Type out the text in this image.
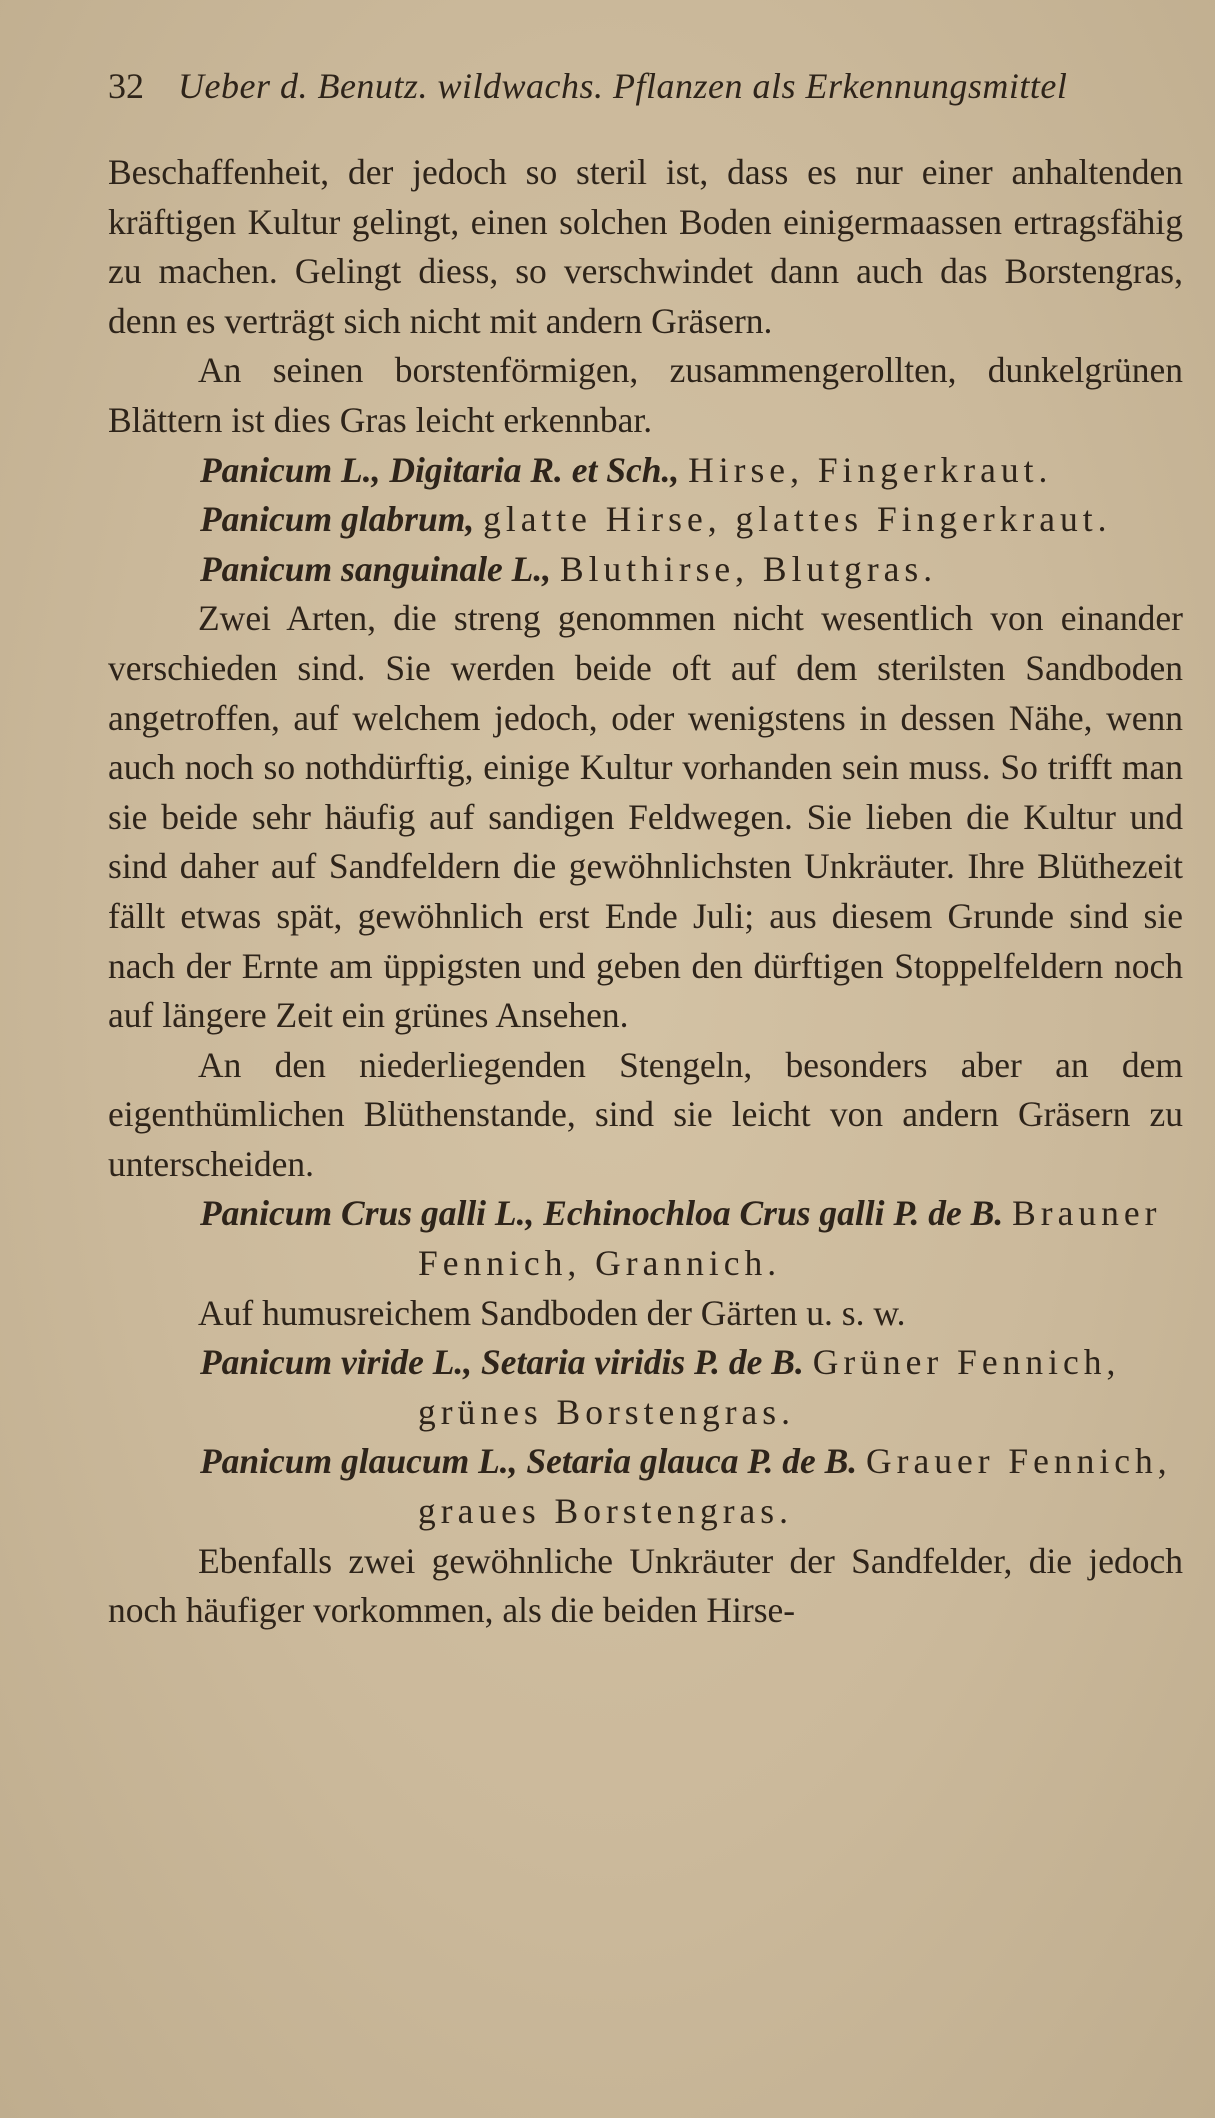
32 Ueber d. Benutz. wildwachs. Pflanzen als Erkennungsmittel

Beschaffenheit, der jedoch so steril ist, dass es nur einer anhaltenden kräftigen Kultur gelingt, einen solchen Boden einigermaassen ertragsfähig zu machen. Gelingt diess, so verschwindet dann auch das Borstengras, denn es verträgt sich nicht mit andern Gräsern.

An seinen borstenförmigen, zusammengerollten, dunkelgrünen Blättern ist dies Gras leicht erkennbar.

Panicum L., Digitaria R. et Sch., Hirse, Fingerkraut.

Panicum glabrum, glatte Hirse, glattes Fingerkraut.

Panicum sanguinale L., Bluthirse, Blutgras.

Zwei Arten, die streng genommen nicht wesentlich von einander verschieden sind. Sie werden beide oft auf dem sterilsten Sandboden angetroffen, auf welchem jedoch, oder wenigstens in dessen Nähe, wenn auch noch so nothdürftig, einige Kultur vorhanden sein muss. So trifft man sie beide sehr häufig auf sandigen Feldwegen. Sie lieben die Kultur und sind daher auf Sandfeldern die gewöhnlichsten Unkräuter. Ihre Blüthezeit fällt etwas spät, gewöhnlich erst Ende Juli; aus diesem Grunde sind sie nach der Ernte am üppigsten und geben den dürftigen Stoppelfeldern noch auf längere Zeit ein grünes Ansehen.

An den niederliegenden Stengeln, besonders aber an dem eigenthümlichen Blüthenstande, sind sie leicht von andern Gräsern zu unterscheiden.

Panicum Crus galli L., Echinochloa Crus galli P. de B. Brauner Fennich, Grannich.

Auf humusreichem Sandboden der Gärten u. s. w.

Panicum viride L., Setaria viridis P. de B. Grüner Fennich, grünes Borstengras.

Panicum glaucum L., Setaria glauca P. de B. Grauer Fennich, graues Borstengras.

Ebenfalls zwei gewöhnliche Unkräuter der Sandfelder, die jedoch noch häufiger vorkommen, als die beiden Hirse-
